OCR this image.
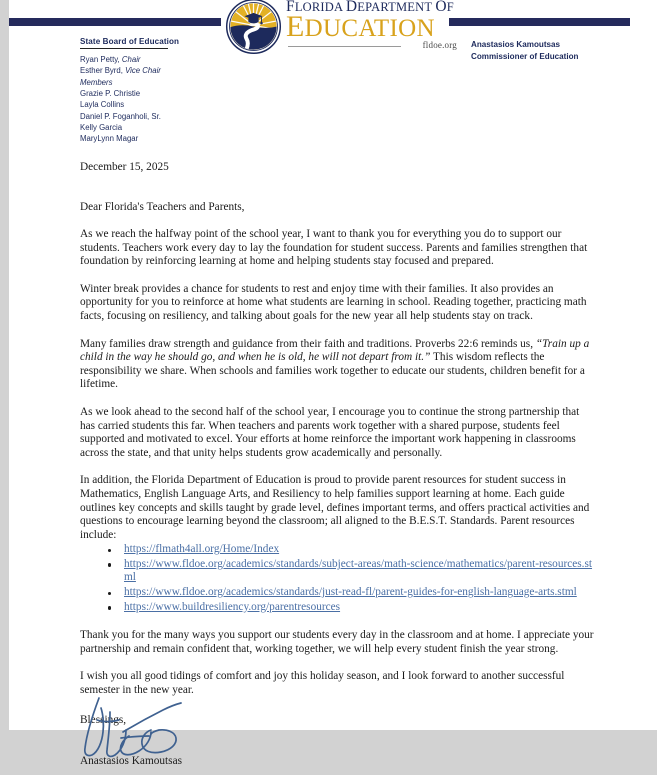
FLORIDA DEPARTMENT OF
EDUCATION
fldoe.org
State Board of Education
Ryan Petty, Chair
Esther Byrd, Vice Chair
Members
Grazie P. Christie
Layla Collins
Daniel P. Foganholi, Sr.
Kelly Garcia
MaryLynn Magar
Anastasios Kamoutsas
Commissioner of Education
December 15, 2025
Dear Florida's Teachers and Parents,

As we reach the halfway point of the school year, I want to thank you for everything you do to support our students. Teachers work every day to lay the foundation for student success. Parents and families strengthen that foundation by reinforcing learning at home and helping students stay focused and prepared.

Winter break provides a chance for students to rest and enjoy time with their families. It also provides an opportunity for you to reinforce at home what students are learning in school. Reading together, practicing math facts, focusing on resiliency, and talking about goals for the new year all help students stay on track.

Many families draw strength and guidance from their faith and traditions. Proverbs 22:6 reminds us, “Train up a child in the way he should go, and when he is old, he will not depart from it.” This wisdom reflects the responsibility we share. When schools and families work together to educate our students, children benefit for a lifetime.

As we look ahead to the second half of the school year, I encourage you to continue the strong partnership that has carried students this far. When teachers and parents work together with a shared purpose, students feel supported and motivated to excel. Your efforts at home reinforce the important work happening in classrooms across the state, and that unity helps students grow academically and personally.

In addition, the Florida Department of Education is proud to provide parent resources for student success in Mathematics, English Language Arts, and Resiliency to help families support learning at home. Each guide outlines key concepts and skills taught by grade level, defines important terms, and offers practical activities and questions to encourage learning beyond the classroom; all aligned to the B.E.S.T. Standards. Parent resources include:

https://flmath4all.org/Home/Index
https://www.fldoe.org/academics/standards/subject-areas/math-science/mathematics/parent-resources.stml
https://www.fldoe.org/academics/standards/just-read-fl/parent-guides-for-english-language-arts.stml
https://www.buildresiliency.org/parentresources

Thank you for the many ways you support our students every day in the classroom and at home. I appreciate your partnership and remain confident that, working together, we will help every student finish the year strong.

I wish you all good tidings of comfort and joy this holiday season, and I look forward to another successful semester in the new year.

Blessings,
Anastasios Kamoutsas
